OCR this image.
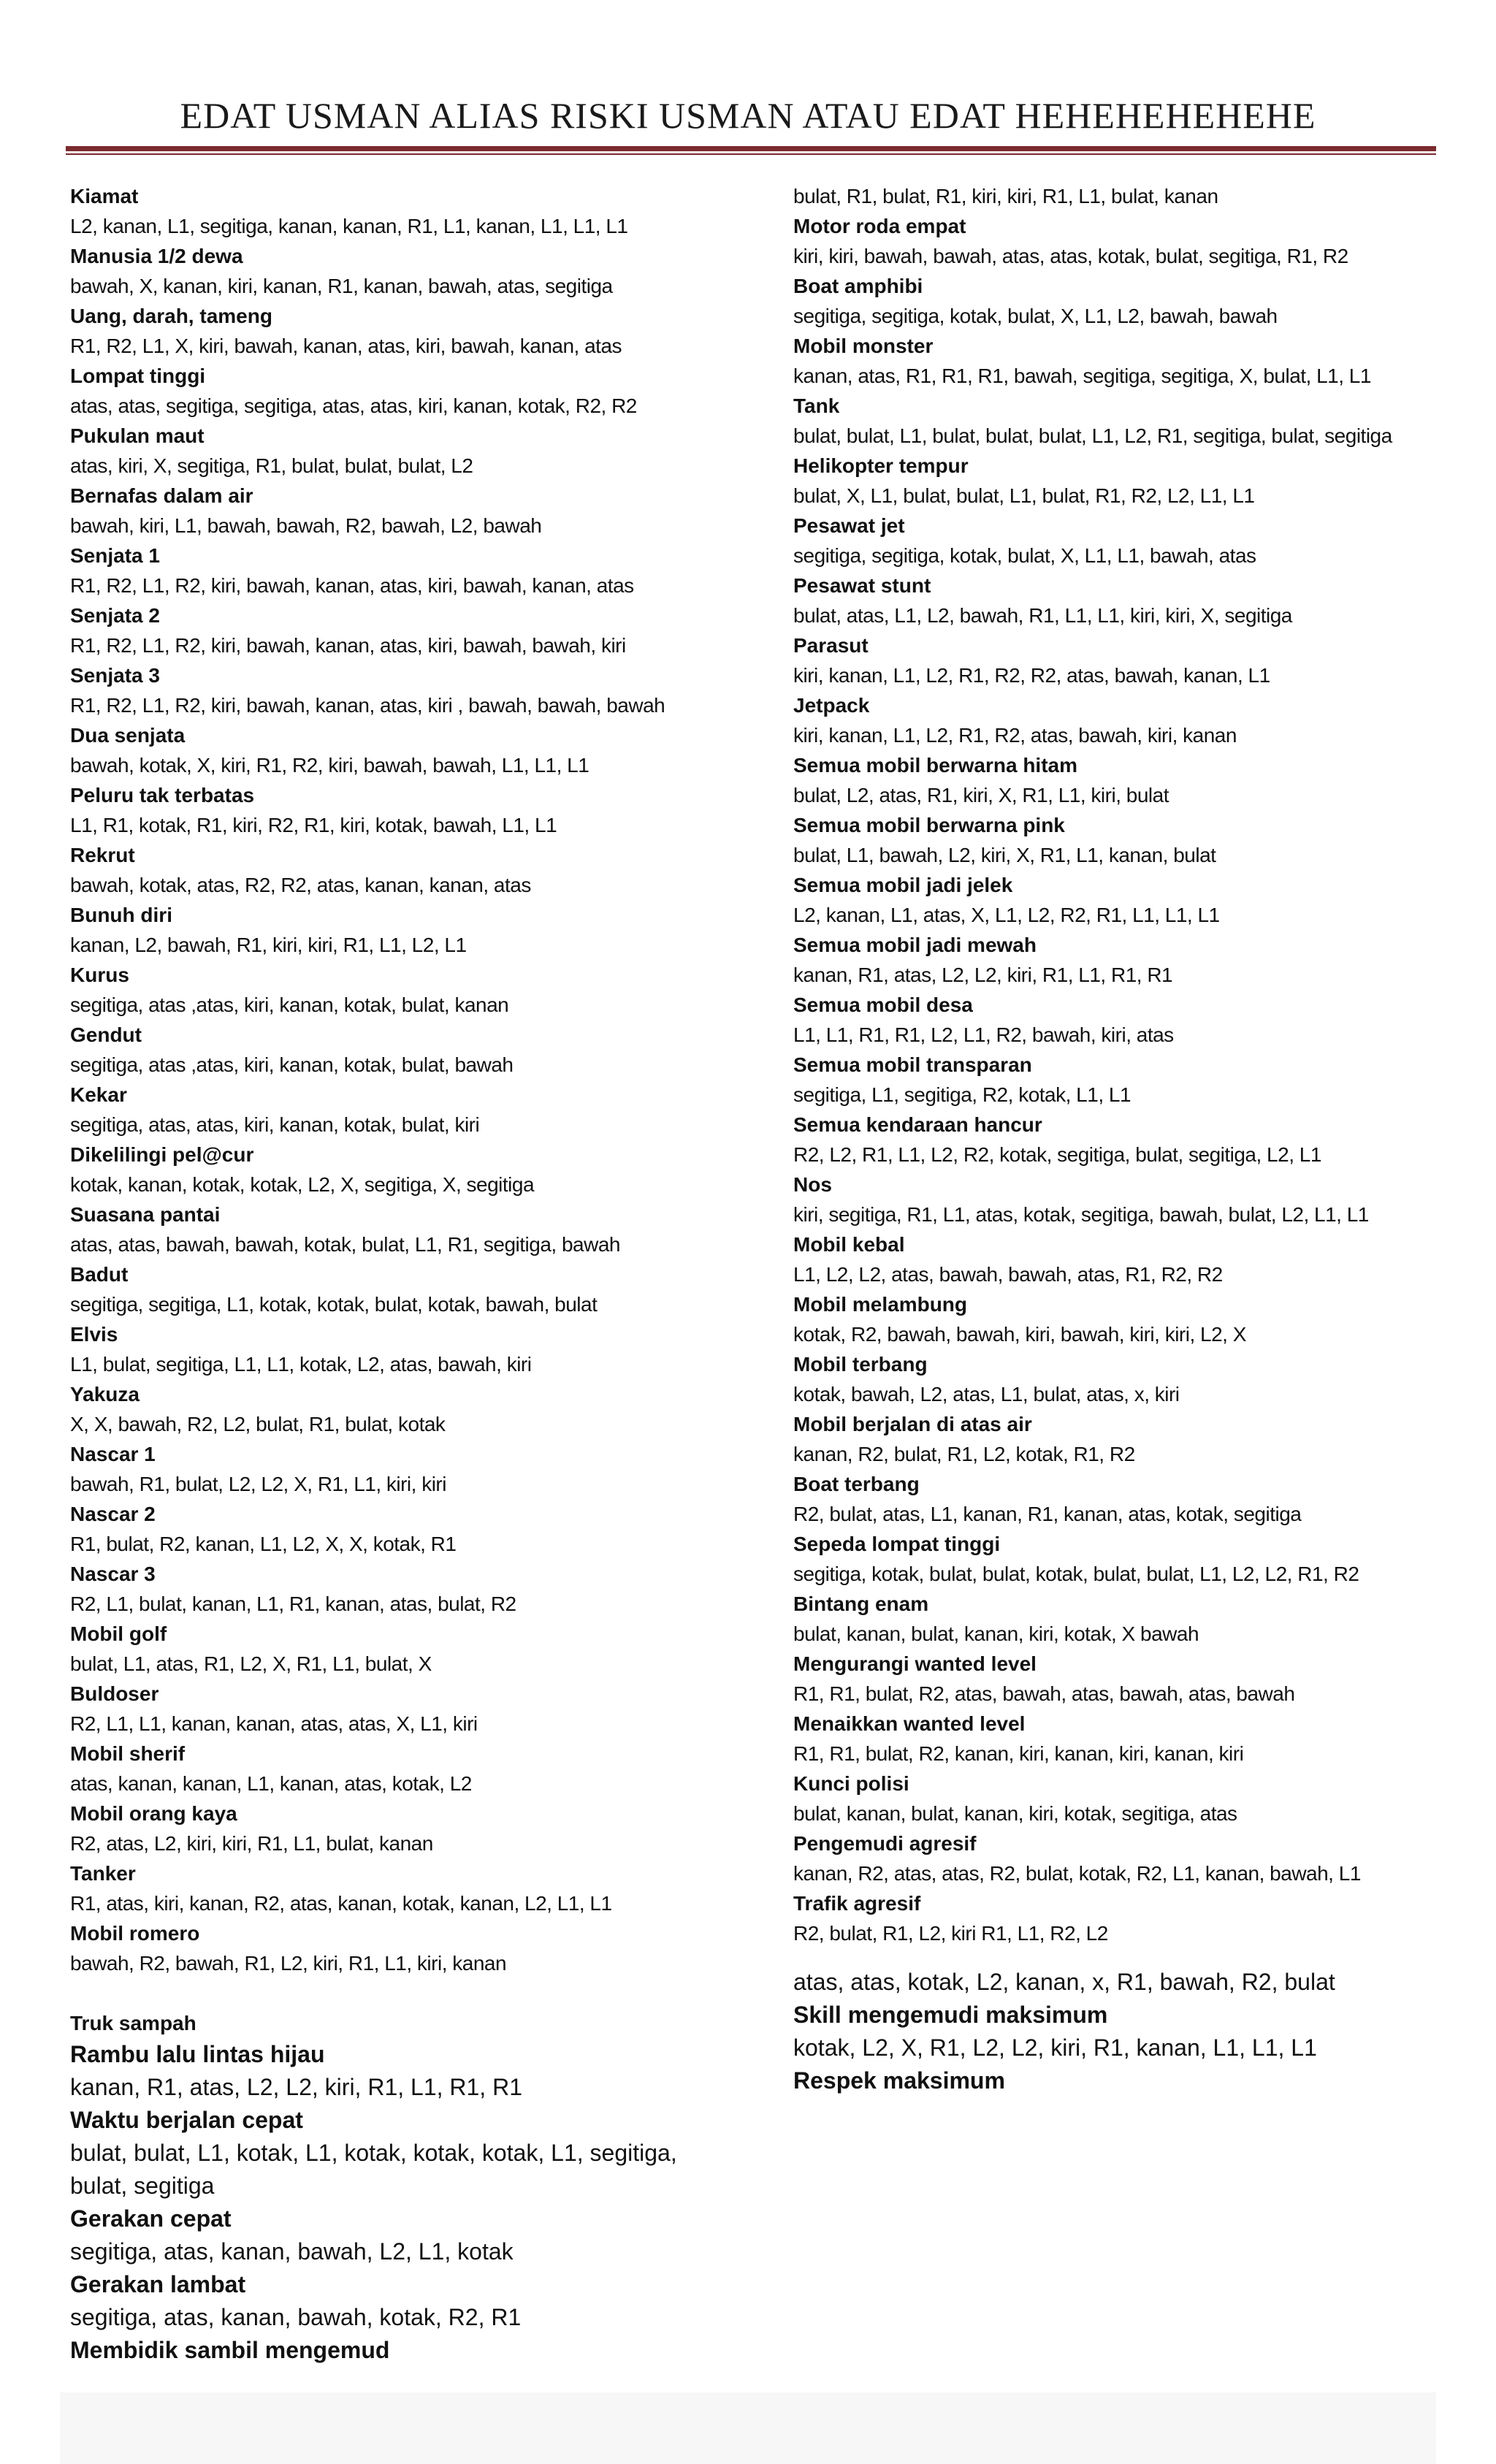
EDAT USMAN ALIAS RISKI USMAN ATAU EDAT HEHEHEHEHEHE
Kiamat
L2, kanan, L1, segitiga, kanan, kanan, R1, L1, kanan, L1, L1, L1
Manusia 1/2 dewa
bawah, X, kanan, kiri, kanan, R1, kanan, bawah, atas, segitiga
Uang, darah, tameng
R1, R2, L1, X, kiri, bawah, kanan, atas, kiri, bawah, kanan, atas
Lompat tinggi
atas, atas, segitiga, segitiga, atas, atas, kiri, kanan, kotak, R2, R2
Pukulan maut
atas, kiri, X, segitiga, R1, bulat, bulat, bulat, L2
Bernafas dalam air
bawah, kiri, L1, bawah, bawah, R2, bawah, L2, bawah
Senjata 1
R1, R2, L1, R2, kiri, bawah, kanan, atas, kiri, bawah, kanan, atas
Senjata 2
R1, R2, L1, R2, kiri, bawah, kanan, atas, kiri, bawah, bawah, kiri
Senjata 3
R1, R2, L1, R2, kiri, bawah, kanan, atas, kiri , bawah, bawah, bawah
Dua senjata
bawah, kotak, X, kiri, R1, R2, kiri, bawah, bawah, L1, L1, L1
Peluru tak terbatas
L1, R1, kotak, R1, kiri, R2, R1, kiri, kotak, bawah, L1, L1
Rekrut
bawah, kotak, atas, R2, R2, atas, kanan, kanan, atas
Bunuh diri
kanan, L2, bawah, R1, kiri, kiri, R1, L1, L2, L1
Kurus
segitiga, atas ,atas, kiri, kanan, kotak, bulat, kanan
Gendut
segitiga, atas ,atas, kiri, kanan, kotak, bulat, bawah
Kekar
segitiga, atas, atas, kiri, kanan, kotak, bulat, kiri
Dikelilingi pel@cur
kotak, kanan, kotak, kotak, L2, X, segitiga, X, segitiga
Suasana pantai
atas, atas, bawah, bawah, kotak, bulat, L1, R1, segitiga, bawah
Badut
segitiga, segitiga, L1, kotak, kotak, bulat, kotak, bawah, bulat
Elvis
L1, bulat, segitiga, L1, L1, kotak, L2, atas, bawah, kiri
Yakuza
X, X, bawah, R2, L2, bulat, R1, bulat, kotak
Nascar 1
bawah, R1, bulat, L2, L2, X, R1, L1, kiri, kiri
Nascar 2
R1, bulat, R2, kanan, L1, L2, X, X, kotak, R1
Nascar 3
R2, L1, bulat, kanan, L1, R1, kanan, atas, bulat, R2
Mobil golf
bulat, L1, atas, R1, L2, X, R1, L1, bulat, X
Buldoser
R2, L1, L1, kanan, kanan, atas, atas, X, L1, kiri
Mobil sherif
atas, kanan, kanan, L1, kanan, atas, kotak, L2
Mobil orang kaya
R2, atas, L2, kiri, kiri, R1, L1, bulat, kanan
Tanker
R1, atas, kiri, kanan, R2, atas, kanan, kotak, kanan, L2, L1, L1
Mobil romero
bawah, R2, bawah, R1, L2, kiri, R1, L1, kiri, kanan
Truk sampah
Rambu lalu lintas hijau
kanan, R1, atas, L2, L2, kiri, R1, L1, R1, R1
Waktu berjalan cepat
bulat, bulat, L1, kotak, L1, kotak, kotak, kotak, L1, segitiga, bulat, segitiga
Gerakan cepat
segitiga, atas, kanan, bawah, L2, L1, kotak
Gerakan lambat
segitiga, atas, kanan, bawah, kotak, R2, R1
Membidik sambil mengemud
bulat, R1, bulat, R1, kiri, kiri, R1, L1, bulat, kanan
Motor roda empat
kiri, kiri, bawah, bawah, atas, atas, kotak, bulat, segitiga, R1, R2
Boat amphibi
segitiga, segitiga, kotak, bulat, X, L1, L2, bawah, bawah
Mobil monster
kanan, atas, R1, R1, R1, bawah, segitiga, segitiga, X, bulat, L1, L1
Tank
bulat, bulat, L1, bulat, bulat, bulat, L1, L2, R1, segitiga, bulat, segitiga
Helikopter tempur
bulat, X, L1, bulat, bulat, L1, bulat, R1, R2, L2, L1, L1
Pesawat jet
segitiga, segitiga, kotak, bulat, X, L1, L1, bawah, atas
Pesawat stunt
bulat, atas, L1, L2, bawah, R1, L1, L1, kiri, kiri, X, segitiga
Parasut
kiri, kanan, L1, L2, R1, R2, R2, atas, bawah, kanan, L1
Jetpack
kiri, kanan, L1, L2, R1, R2, atas, bawah, kiri, kanan
Semua mobil berwarna hitam
bulat, L2, atas, R1, kiri, X, R1, L1, kiri, bulat
Semua mobil berwarna pink
bulat, L1, bawah, L2, kiri, X, R1, L1, kanan, bulat
Semua mobil jadi jelek
L2, kanan, L1, atas, X, L1, L2, R2, R1, L1, L1, L1
Semua mobil jadi mewah
kanan, R1, atas, L2, L2, kiri, R1, L1, R1, R1
Semua mobil desa
L1, L1, R1, R1, L2, L1, R2, bawah, kiri, atas
Semua mobil transparan
segitiga, L1, segitiga, R2, kotak, L1, L1
Semua kendaraan hancur
R2, L2, R1, L1, L2, R2, kotak, segitiga, bulat, segitiga, L2, L1
Nos
kiri, segitiga, R1, L1, atas, kotak, segitiga, bawah, bulat, L2, L1, L1
Mobil kebal
L1, L2, L2, atas, bawah, bawah, atas, R1, R2, R2
Mobil melambung
kotak, R2, bawah, bawah, kiri, bawah, kiri, kiri, L2, X
Mobil terbang
kotak, bawah, L2, atas, L1, bulat, atas, x, kiri
Mobil berjalan di atas air
kanan, R2, bulat, R1, L2, kotak, R1, R2
Boat terbang
R2, bulat, atas, L1, kanan, R1, kanan, atas, kotak, segitiga
Sepeda lompat tinggi
segitiga, kotak, bulat, bulat, kotak, bulat, bulat, L1, L2, L2, R1, R2
Bintang enam
bulat, kanan, bulat, kanan, kiri, kotak, X bawah
Mengurangi wanted level
R1, R1, bulat, R2, atas, bawah, atas, bawah, atas, bawah
Menaikkan wanted level
R1, R1, bulat, R2, kanan, kiri, kanan, kiri, kanan, kiri
Kunci polisi
bulat, kanan, bulat, kanan, kiri, kotak, segitiga, atas
Pengemudi agresif
kanan, R2, atas, atas, R2, bulat, kotak, R2, L1, kanan, bawah, L1
Trafik agresif
R2, bulat, R1, L2, kiri R1, L1, R2, L2
atas, atas, kotak, L2, kanan, x, R1, bawah, R2, bulat
Skill mengemudi maksimum
kotak, L2, X, R1, L2, L2, kiri, R1, kanan, L1, L1, L1
Respek maksimum
